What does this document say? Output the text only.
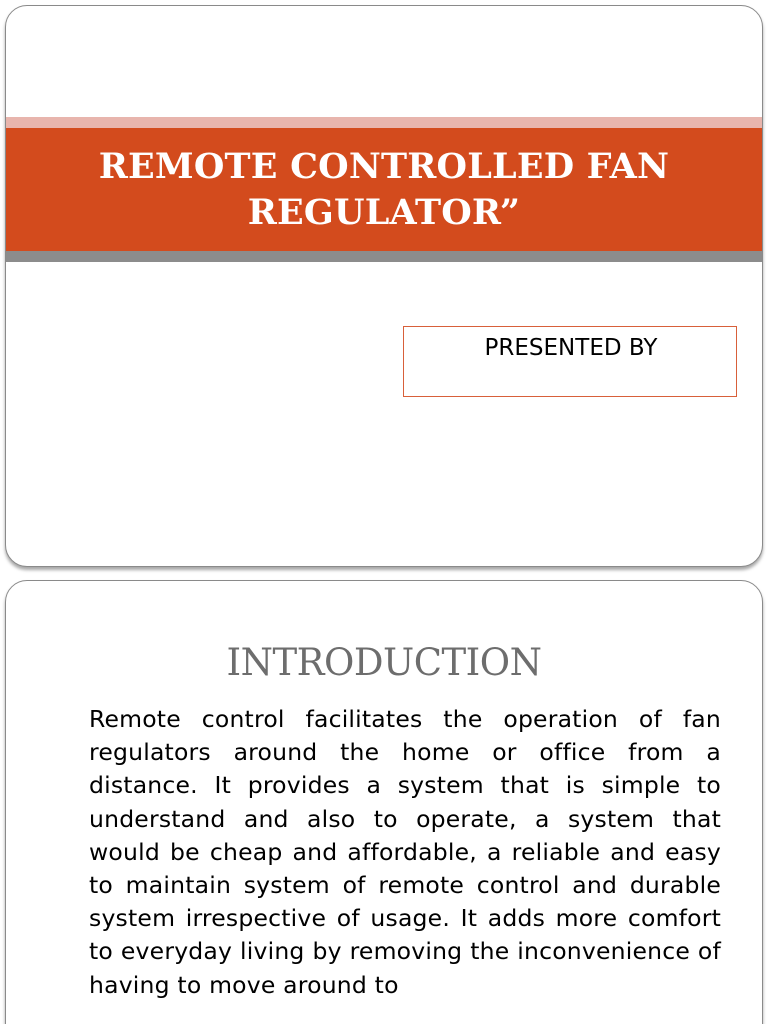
REMOTE CONTROLLED FAN REGULATOR”
PRESENTED BY
INTRODUCTION

Remote control facilitates the operation of fan regulators around the home or office from a distance. It provides a system that is simple to understand and also to operate, a system that would be cheap and affordable, a reliable and easy to maintain system of remote control and durable system irrespective of usage. It adds more comfort to everyday living by removing the inconvenience of having to move around to
